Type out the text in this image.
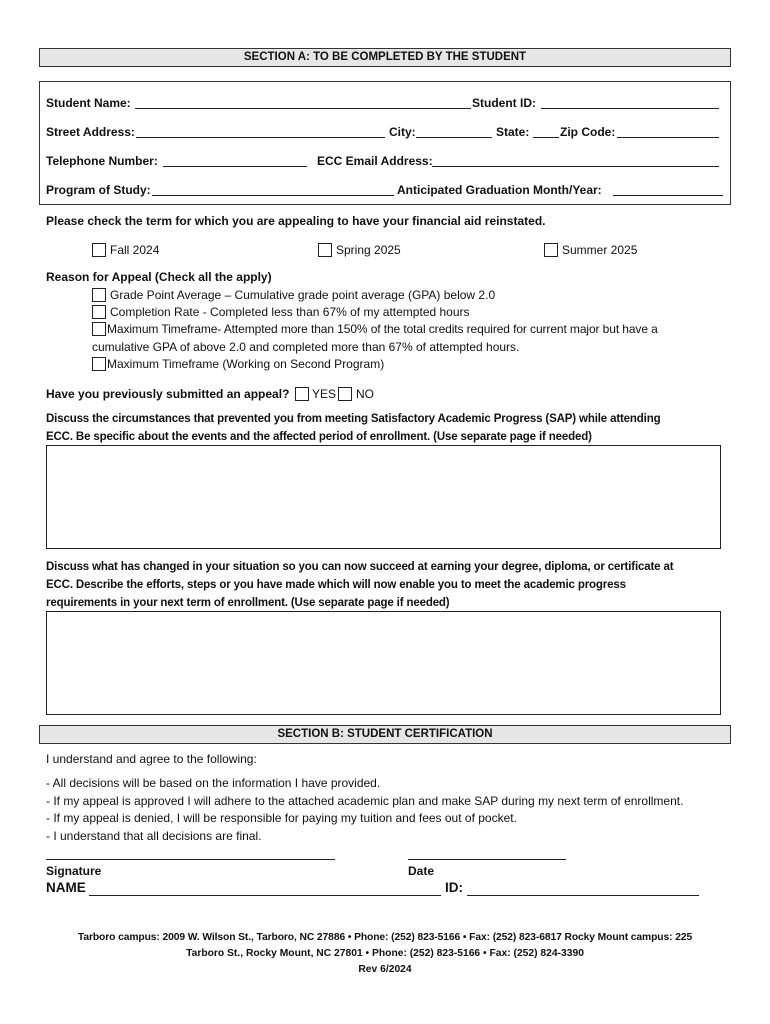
SECTION A: TO BE COMPLETED BY THE STUDENT
Student Name:	Student ID:
Street Address:	City:	State:	Zip Code:
Telephone Number:	ECC Email Address:
Program of Study:	Anticipated Graduation Month/Year:
Please check the term for which you are appealing to have your financial aid reinstated.
Fall 2024	Spring 2025	Summer 2025
Reason for Appeal (Check all the apply)
Grade Point Average – Cumulative grade point average (GPA) below 2.0
Completion Rate - Completed less than 67% of my attempted hours
Maximum Timeframe- Attempted more than 150% of the total credits required for current major but have a
cumulative GPA of above 2.0 and completed more than 67% of attempted hours.
Maximum Timeframe (Working on Second Program)
Have you previously submitted an appeal? YES NO
Discuss the circumstances that prevented you from meeting Satisfactory Academic Progress (SAP) while attending
ECC. Be specific about the events and the affected period of enrollment. (Use separate page if needed)
Discuss what has changed in your situation so you can now succeed at earning your degree, diploma, or certificate at
ECC. Describe the efforts, steps or you have made which will now enable you to meet the academic progress
requirements in your next term of enrollment. (Use separate page if needed)
SECTION B: STUDENT CERTIFICATION
I understand and agree to the following:
- All decisions will be based on the information I have provided.
- If my appeal is approved I will adhere to the attached academic plan and make SAP during my next term of enrollment.
- If my appeal is denied, I will be responsible for paying my tuition and fees out of pocket.
- I understand that all decisions are final.
Signature	Date
NAME	ID:
Tarboro campus: 2009 W. Wilson St., Tarboro, NC 27886 • Phone: (252) 823-5166 • Fax: (252) 823-6817 Rocky Mount campus: 225
Tarboro St., Rocky Mount, NC 27801 • Phone: (252) 823-5166 • Fax: (252) 824-3390
Rev 6/2024
